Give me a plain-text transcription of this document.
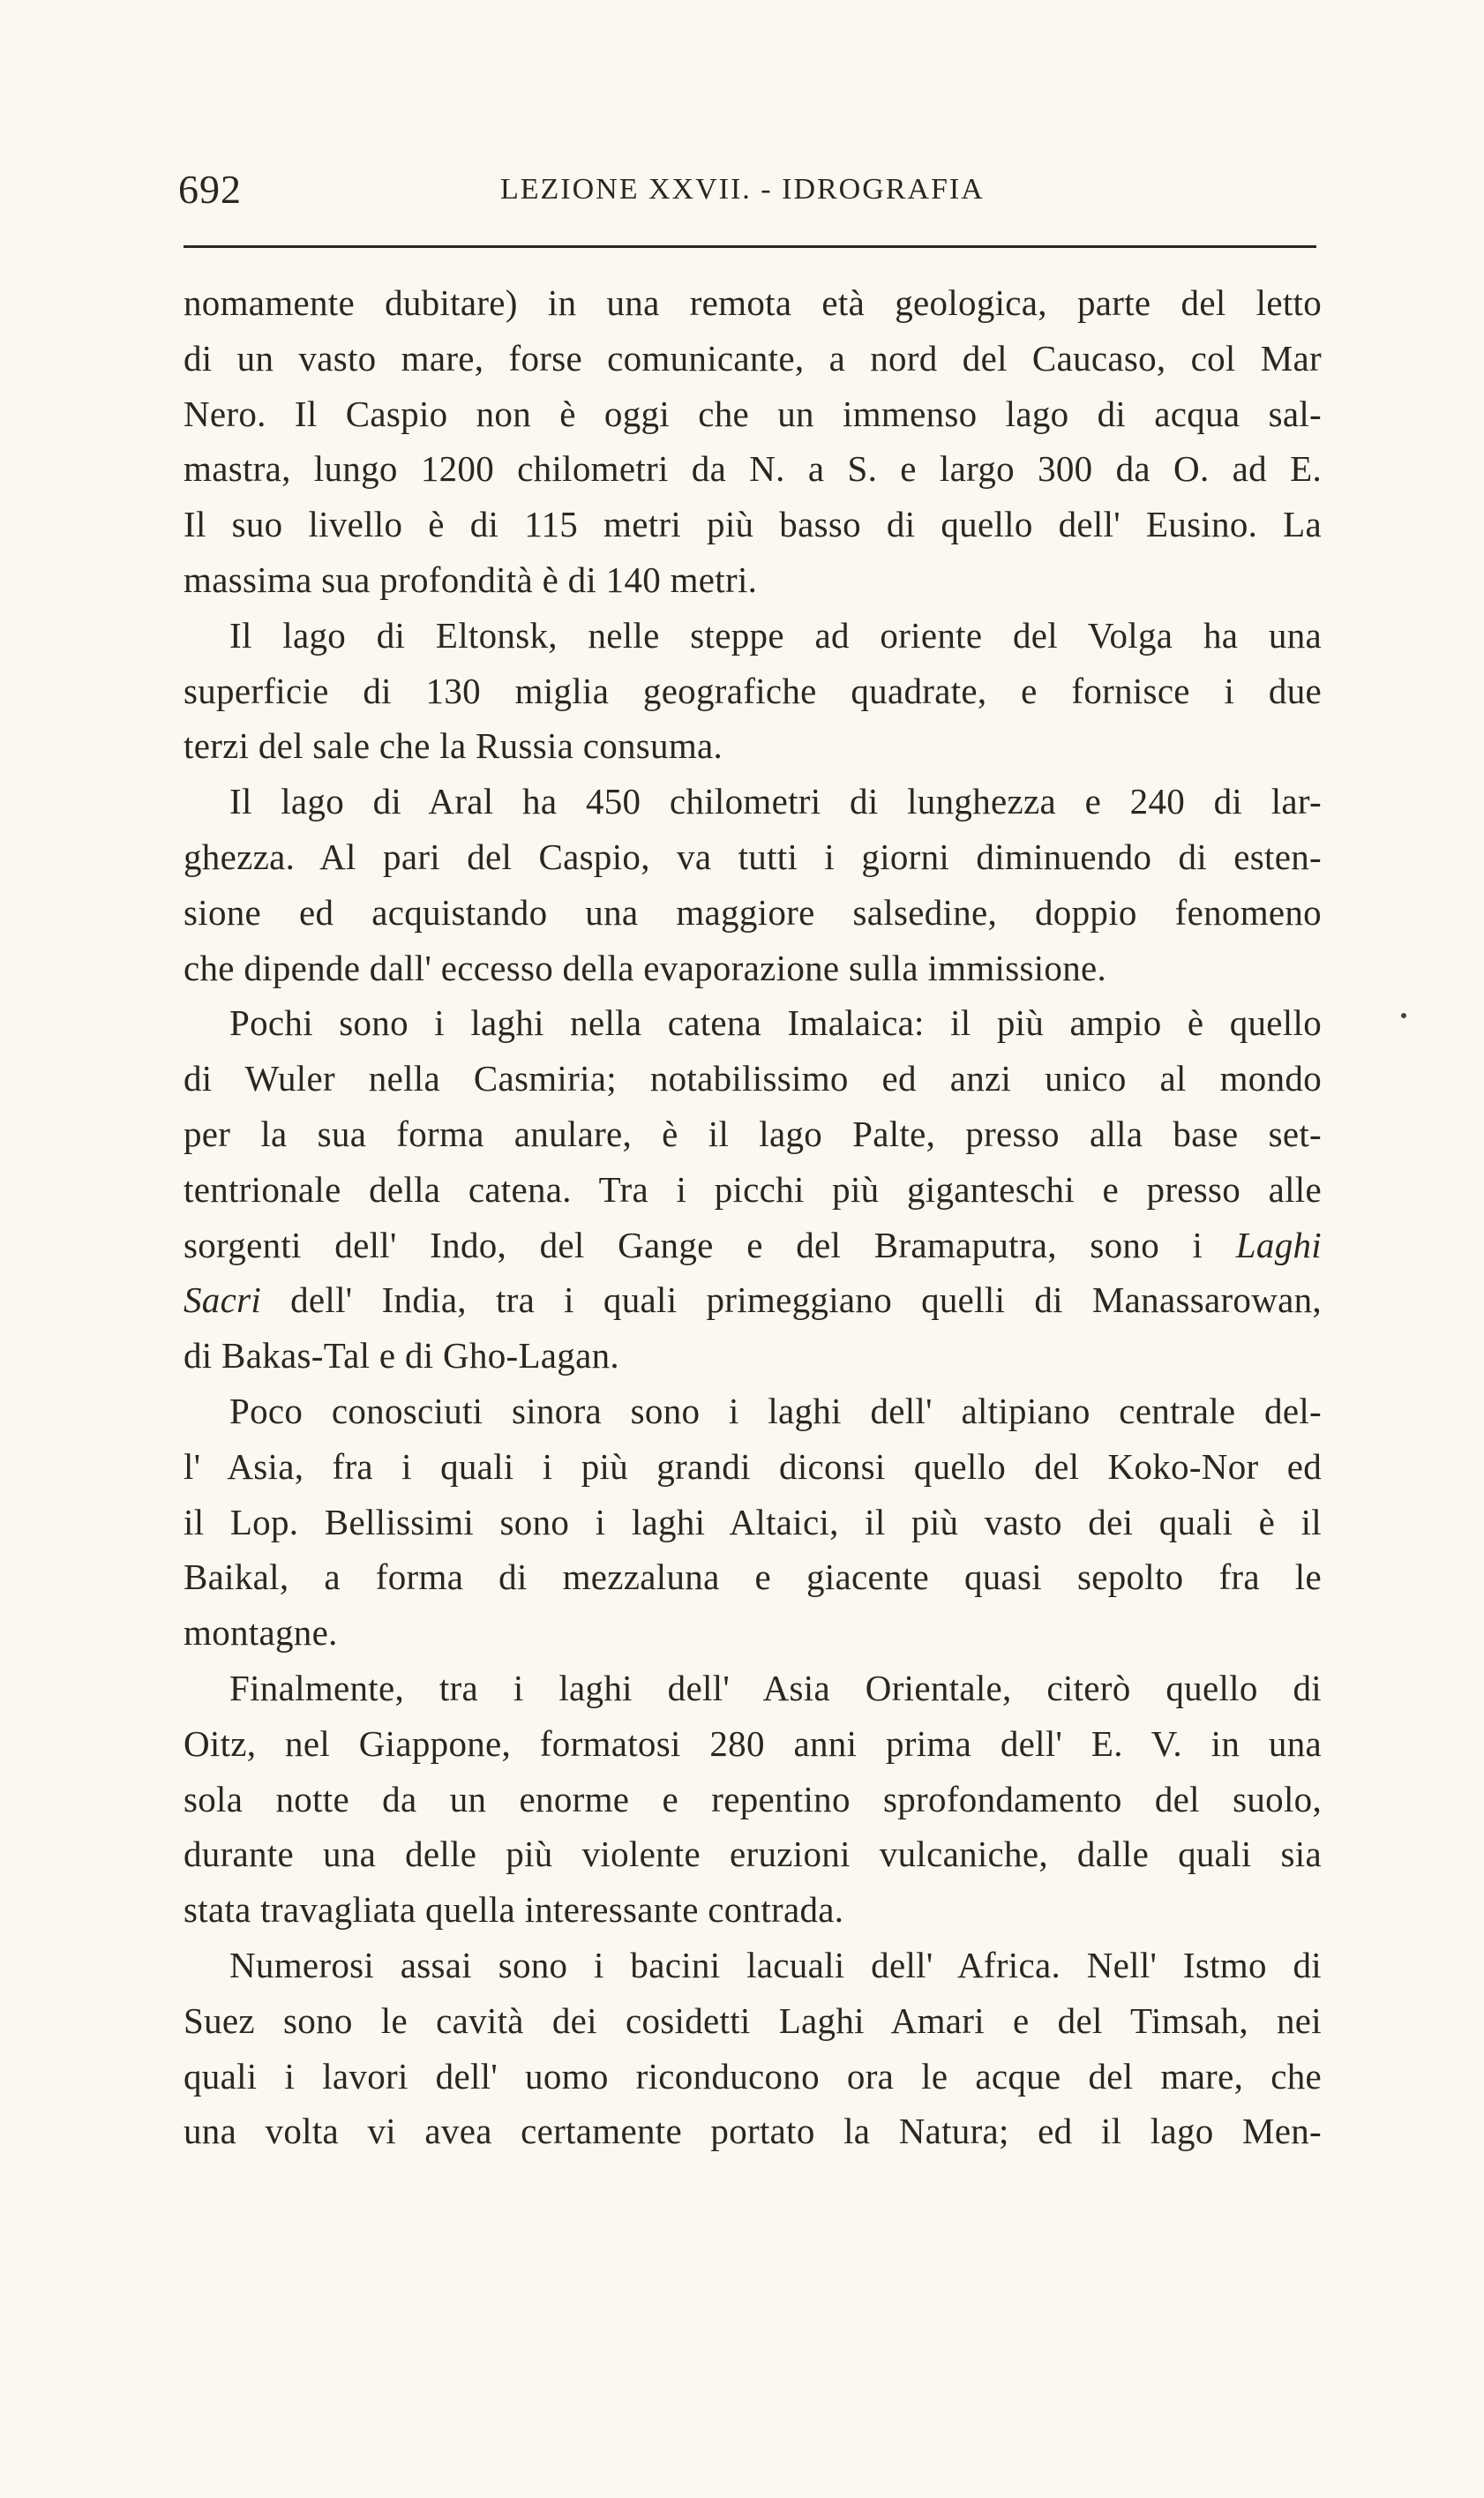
692	LEZIONE XXVII. - IDROGRAFIA
nomamente dubitare) in una remota età geologica, parte del letto
di un vasto mare, forse comunicante, a nord del Caucaso, col Mar
Nero. Il Caspio non è oggi che un immenso lago di acqua sal-
mastra, lungo 1200 chilometri da N. a S. e largo 300 da O. ad E.
Il suo livello è di 115 metri più basso di quello dell' Eusino. La
massima sua profondità è di 140 metri.
Il lago di Eltonsk, nelle steppe ad oriente del Volga ha una
superficie di 130 miglia geografiche quadrate, e fornisce i due
terzi del sale che la Russia consuma.
Il lago di Aral ha 450 chilometri di lunghezza e 240 di lar-
ghezza. Al pari del Caspio, va tutti i giorni diminuendo di esten-
sione ed acquistando una maggiore salsedine, doppio fenomeno
che dipende dall' eccesso della evaporazione sulla immissione.
Pochi sono i laghi nella catena Imalaica: il più ampio è quello
di Wuler nella Casmiria; notabilissimo ed anzi unico al mondo
per la sua forma anulare, è il lago Palte, presso alla base set-
tentrionale della catena. Tra i picchi più giganteschi e presso alle
sorgenti dell' Indo, del Gange e del Bramaputra, sono i Laghi
Sacri dell' India, tra i quali primeggiano quelli di Manassarowan,
di Bakas-Tal e di Gho-Lagan.
Poco conosciuti sinora sono i laghi dell' altipiano centrale del-
l' Asia, fra i quali i più grandi diconsi quello del Koko-Nor ed
il Lop. Bellissimi sono i laghi Altaici, il più vasto dei quali è il
Baikal, a forma di mezzaluna e giacente quasi sepolto fra le
montagne.
Finalmente, tra i laghi dell' Asia Orientale, citerò quello di
Oitz, nel Giappone, formatosi 280 anni prima dell' E. V. in una
sola notte da un enorme e repentino sprofondamento del suolo,
durante una delle più violente eruzioni vulcaniche, dalle quali sia
stata travagliata quella interessante contrada.
Numerosi assai sono i bacini lacuali dell' Africa. Nell' Istmo di
Suez sono le cavità dei cosidetti Laghi Amari e del Timsah, nei
quali i lavori dell' uomo riconducono ora le acque del mare, che
una volta vi avea certamente portato la Natura; ed il lago Men-
